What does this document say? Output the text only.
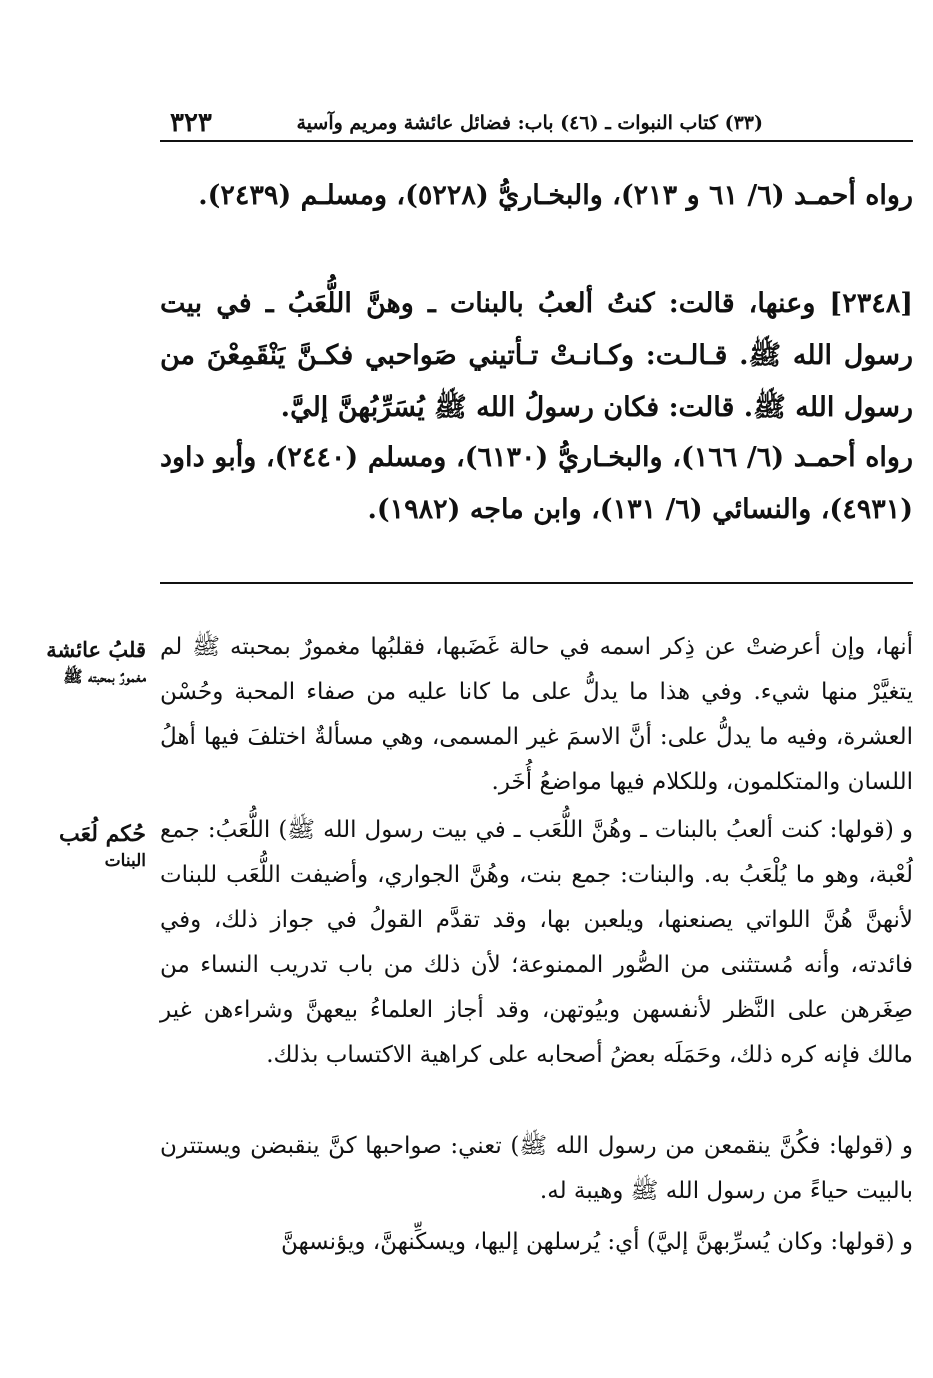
(٣٣) كتاب النبوات ـ (٤٦) باب: فضائل عائشة ومريم وآسية
٣٢٣
رواه أحمـد (٦/ ٦١ و ٢١٣)، والبخـاريُّ (٥٢٢٨)، ومسلـم (٢٤٣٩).
[٢٣٤٨] وعنها، قالت: كنتُ ألعبُ بالبنات ـ وهنَّ اللُّعَبُ ـ في بيت رسول الله ﷺ. قـالـت: وكـانـتْ تـأتيني صَواحبي فكـنَّ يَنْقَمِعْنَ من رسول الله ﷺ. قالت: فكان رسولُ الله ﷺ يُسَرِّبُهنَّ إليَّ.
رواه أحمـد (٦/ ١٦٦)، والبخـاريُّ (٦١٣٠)، ومسلم (٢٤٤٠)، وأبو داود (٤٩٣١)، والنسائي (٦/ ١٣١)، وابن ماجه (١٩٨٢).
أنها، وإن أعرضتْ عن ذِكر اسمه في حالة غَضَبها، فقلبُها مغمورٌ بمحبته ﷺ لم يتغيَّرْ منها شيء. وفي هذا ما يدلُّ على ما كانا عليه من صفاء المحبة وحُسْن العشرة، وفيه ما يدلُّ على: أنَّ الاسمَ غير المسمى، وهي مسألةٌ اختلفَ فيها أهلُ اللسان والمتكلمون، وللكلام فيها مواضعُ أُخَر.
و (قولها: كنت ألعبُ بالبنات ـ وهُنَّ اللُّعَب ـ في بيت رسول الله ﷺ) اللُّعَبُ: جمع لُعْبة، وهو ما يُلْعَبُ به. والبنات: جمع بنت، وهُنَّ الجواري، وأضيفت اللُّعَب للبنات لأنهنَّ هُنَّ اللواتي يصنعنها، ويلعبن بها، وقد تقدَّم القولُ في جواز ذلك، وفي فائدته، وأنه مُستثنى من الصُّور الممنوعة؛ لأن ذلك من باب تدريب النساء من صِغَرهن على النَّظر لأنفسهن وبيُوتهن، وقد أجاز العلماءُ بيعهنَّ وشراءهن غير مالك فإنه كره ذلك، وحَمَلَه بعضُ أصحابه على كراهية الاكتساب بذلك.
و (قولها: فكُنَّ ينقمعن من رسول الله ﷺ) تعني: صواحبها كنَّ ينقبضن ويستترن بالبيت حياءً من رسول الله ﷺ وهيبة له.
و (قولها: وكان يُسرِّبهنَّ إليَّ) أي: يُرسلهن إليها، ويسكِّنهنَّ، ويؤنسهنَّ
قلبُ عائشة
مغمورٌ بمحبته ﷺ
حُكم لُعَب
البنات
